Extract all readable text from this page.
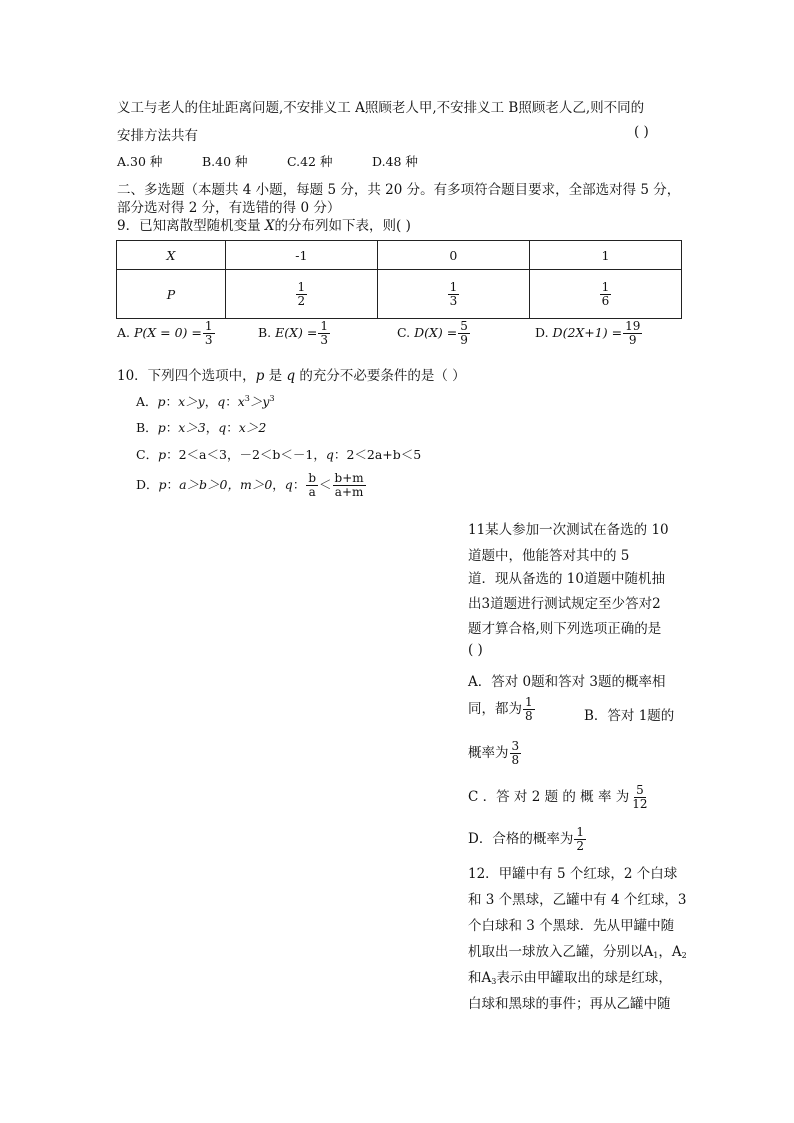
义工与老人的住址距离问题,不安排义工 A照顾老人甲,不安排义工 B照顾老人乙,则不同的
安排方法共有	( )
A.30 种	B.40 种	C.42 种	D.48 种
二、多选题（本题共 4 小题，每题 5 分，共 20 分。有多项符合题目要求，全部选对得 5 分，
部分选对得 2 分，有选错的得 0 分）
9．已知离散型随机变量 X的分布列如下表，则( )
X	-1	0	1
P	$\frac{1}{2}$	$\frac{1}{3}$	$\frac{1}{6}$
A. $P(X = 0) = \frac{1}{3}$	B. $E(X) = \frac{1}{3}$	C. $D(X) = \frac{5}{9}$	D. $D(2X+1) = \frac{19}{9}$
10．下列四个选项中，p 是 q 的充分不必要条件的是（ ）
A．p：x＞y，q：$x^3>y^3$
B．p：x＞3，q：x＞2
C．p：2＜a＜3，－2＜b＜－1，q：2＜2a+b＜5
D．p：a＞b＞0，m＞0，q： $\frac{b}{a} < \frac{b+m}{a+m}$
11某人参加一次测试在备选的 10
道题中，他能答对其中的 5
道．现从备选的 10道题中随机抽
出3道题进行测试规定至少答对2
题才算合格,则下列选项正确的是
( )
A．答对 0题和答对 3题的概率相
同，都为 $\frac{1}{8}$	B．答对 1题的
概率为 $\frac{3}{8}$
C ．答 对 2 题 的 概 率 为 $\frac{5}{12}$
D．合格的概率为 $\frac{1}{2}$
12．甲罐中有 5 个红球，2 个白球
和 3 个黑球，乙罐中有 4 个红球，3
个白球和 3 个黑球．先从甲罐中随
机取出一球放入乙罐，分别以$A_1$，$A_2$
和$A_3$表示由甲罐取出的球是红球，
白球和黑球的事件；再从乙罐中随
